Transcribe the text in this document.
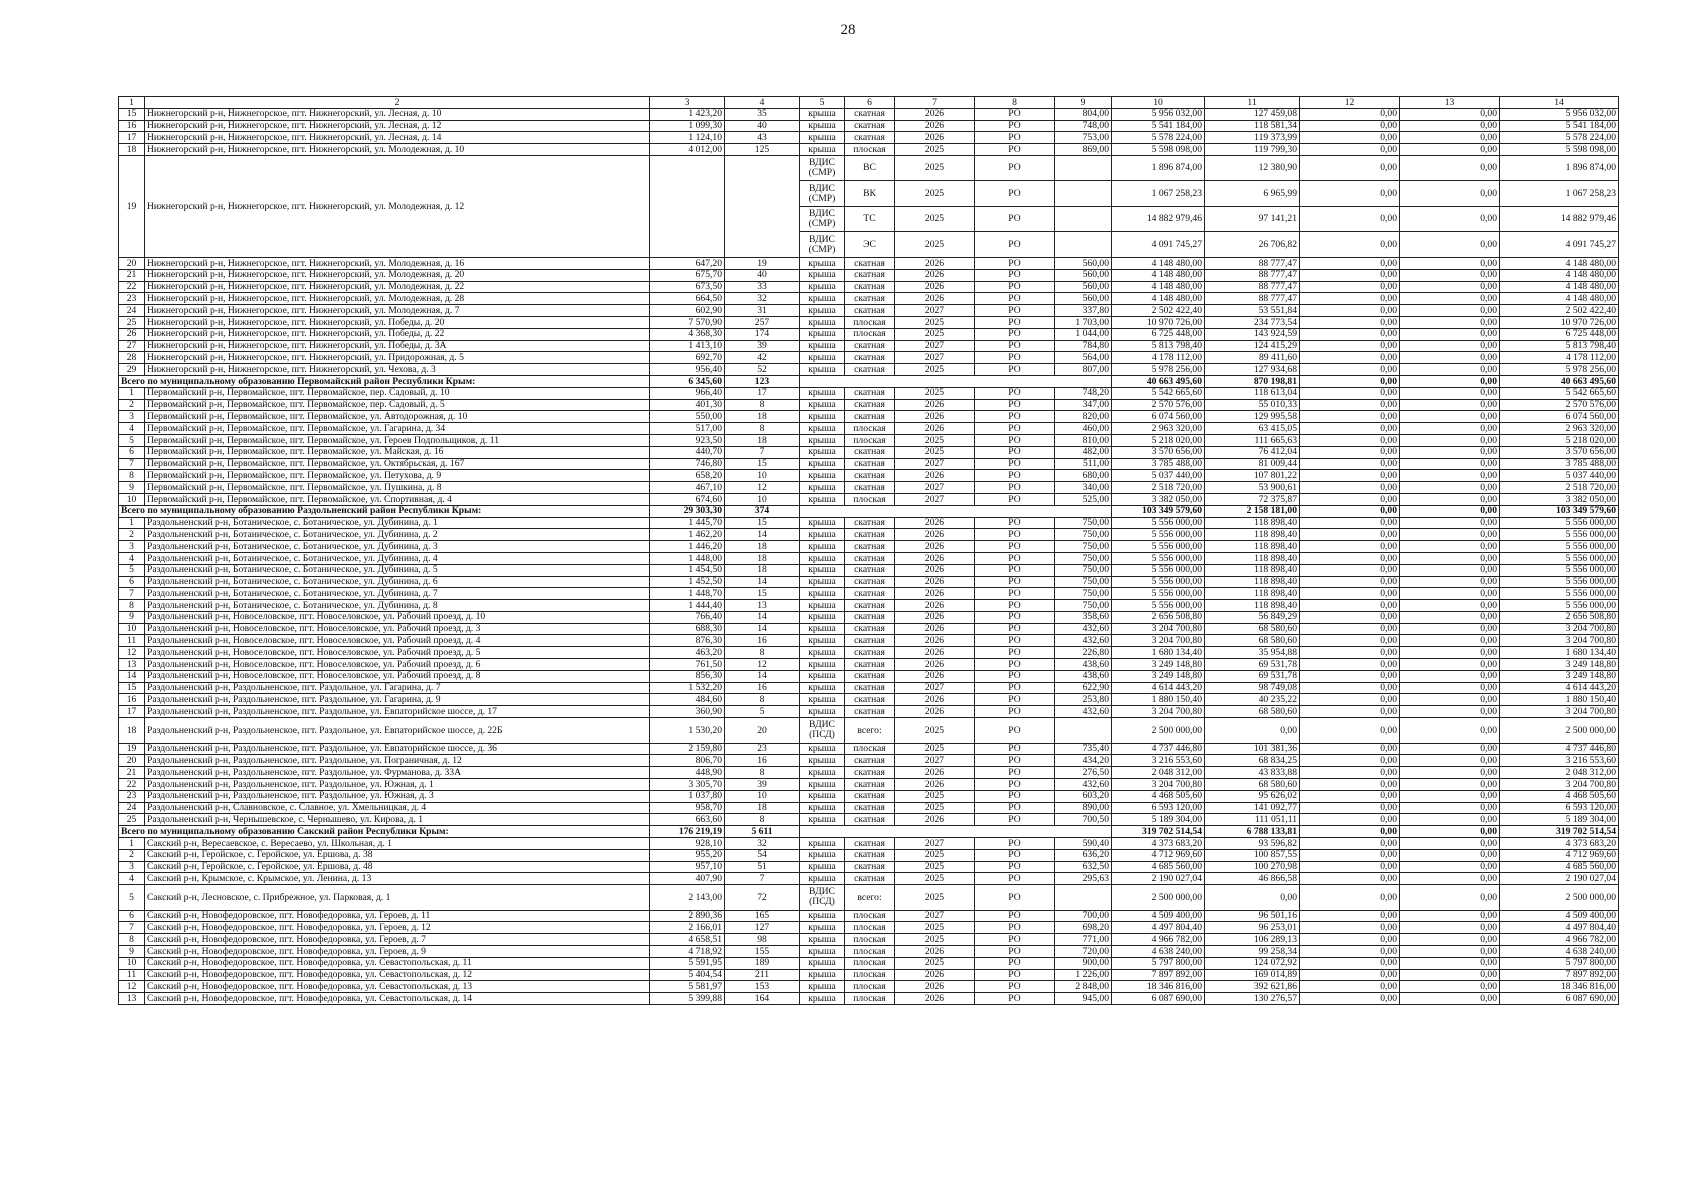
28
1	2	3	4	5	6	7	8	9	10	11	12	13	14
15	Нижнегорский р-н, Нижнегорское, пгт. Нижнегорский, ул. Лесная, д. 10	1 423,20	35	крыша	скатная	2026	РО	804,00	5 956 032,00	127 459,08	0,00	0,00	5 956 032,00
16	Нижнегорский р-н, Нижнегорское, пгт. Нижнегорский, ул. Лесная, д. 12	1 099,30	40	крыша	скатная	2026	РО	748,00	5 541 184,00	118 581,34	0,00	0,00	5 541 184,00
17	Нижнегорский р-н, Нижнегорское, пгт. Нижнегорский, ул. Лесная, д. 14	1 124,10	43	крыша	скатная	2026	РО	753,00	5 578 224,00	119 373,99	0,00	0,00	5 578 224,00
18	Нижнегорский р-н, Нижнегорское, пгт. Нижнегорский, ул. Молодежная, д. 10	4 012,00	125	крыша	плоская	2025	РО	869,00	5 598 098,00	119 799,30	0,00	0,00	5 598 098,00
19	Нижнегорский р-н, Нижнегорское, пгт. Нижнегорский, ул. Молодежная, д. 12			ВДИС (СМР)	ВС	2025	РО		1 896 874,00	12 380,90	0,00	0,00	1 896 874,00
				ВДИС (СМР)	ВК	2025	РО		1 067 258,23	6 965,99	0,00	0,00	1 067 258,23
				ВДИС (СМР)	ТС	2025	РО		14 882 979,46	97 141,21	0,00	0,00	14 882 979,46
				ВДИС (СМР)	ЭС	2025	РО		4 091 745,27	26 706,82	0,00	0,00	4 091 745,27
20	Нижнегорский р-н, Нижнегорское, пгт. Нижнегорский, ул. Молодежная, д. 16	647,20	19	крыша	скатная	2026	РО	560,00	4 148 480,00	88 777,47	0,00	0,00	4 148 480,00
21	Нижнегорский р-н, Нижнегорское, пгт. Нижнегорский, ул. Молодежная, д. 20	675,70	40	крыша	скатная	2026	РО	560,00	4 148 480,00	88 777,47	0,00	0,00	4 148 480,00
22	Нижнегорский р-н, Нижнегорское, пгт. Нижнегорский, ул. Молодежная, д. 22	673,50	33	крыша	скатная	2026	РО	560,00	4 148 480,00	88 777,47	0,00	0,00	4 148 480,00
23	Нижнегорский р-н, Нижнегорское, пгт. Нижнегорский, ул. Молодежная, д. 28	664,50	32	крыша	скатная	2026	РО	560,00	4 148 480,00	88 777,47	0,00	0,00	4 148 480,00
24	Нижнегорский р-н, Нижнегорское, пгт. Нижнегорский, ул. Молодежная, д. 7	602,90	31	крыша	скатная	2027	РО	337,80	2 502 422,40	53 551,84	0,00	0,00	2 502 422,40
25	Нижнегорский р-н, Нижнегорское, пгт. Нижнегорский, ул. Победы, д. 20	7 570,90	257	крыша	плоская	2025	РО	1 703,00	10 970 726,00	234 773,54	0,00	0,00	10 970 726,00
26	Нижнегорский р-н, Нижнегорское, пгт. Нижнегорский, ул. Победы, д. 22	4 368,30	174	крыша	плоская	2025	РО	1 044,00	6 725 448,00	143 924,59	0,00	0,00	6 725 448,00
27	Нижнегорский р-н, Нижнегорское, пгт. Нижнегорский, ул. Победы, д. 3А	1 413,10	39	крыша	скатная	2027	РО	784,80	5 813 798,40	124 415,29	0,00	0,00	5 813 798,40
28	Нижнегорский р-н, Нижнегорское, пгт. Нижнегорский, ул. Придорожная, д. 5	692,70	42	крыша	скатная	2027	РО	564,00	4 178 112,00	89 411,60	0,00	0,00	4 178 112,00
29	Нижнегорский р-н, Нижнегорское, пгт. Нижнегорский, ул. Чехова, д. 3	956,40	52	крыша	скатная	2025	РО	807,00	5 978 256,00	127 934,68	0,00	0,00	5 978 256,00
Всего по муниципальному образованию Первомайский район Республики Крым:		6 345,60	123						40 663 495,60	870 198,81	0,00	0,00	40 663 495,60
1	Первомайский р-н, Первомайское, пгт. Первомайское, пер. Садовый, д. 10	966,40	17	крыша	скатная	2025	РО	748,20	5 542 665,60	118 613,04	0,00	0,00	5 542 665,60
2	Первомайский р-н, Первомайское, пгт. Первомайское, пер. Садовый, д. 5	401,30	8	крыша	скатная	2026	РО	347,00	2 570 576,00	55 010,33	0,00	0,00	2 570 576,00
3	Первомайский р-н, Первомайское, пгт. Первомайское, ул. Автодорожная, д. 10	550,00	18	крыша	скатная	2026	РО	820,00	6 074 560,00	129 995,58	0,00	0,00	6 074 560,00
4	Первомайский р-н, Первомайское, пгт. Первомайское, ул. Гагарина, д. 34	517,00	8	крыша	плоская	2026	РО	460,00	2 963 320,00	63 415,05	0,00	0,00	2 963 320,00
5	Первомайский р-н, Первомайское, пгт. Первомайское, ул. Героев Подпольщиков, д. 11	923,50	18	крыша	плоская	2025	РО	810,00	5 218 020,00	111 665,63	0,00	0,00	5 218 020,00
6	Первомайский р-н, Первомайское, пгт. Первомайское, ул. Майская, д. 16	440,70	7	крыша	скатная	2025	РО	482,00	3 570 656,00	76 412,04	0,00	0,00	3 570 656,00
7	Первомайский р-н, Первомайское, пгт. Первомайское, ул. Октябрьская, д. 167	746,80	15	крыша	скатная	2027	РО	511,00	3 785 488,00	81 009,44	0,00	0,00	3 785 488,00
8	Первомайский р-н, Первомайское, пгт. Первомайское, ул. Петухова, д. 9	658,20	10	крыша	скатная	2026	РО	680,00	5 037 440,00	107 801,22	0,00	0,00	5 037 440,00
9	Первомайский р-н, Первомайское, пгт. Первомайское, ул. Пушкина, д. 8	467,10	12	крыша	скатная	2027	РО	340,00	2 518 720,00	53 900,61	0,00	0,00	2 518 720,00
10	Первомайский р-н, Первомайское, пгт. Первомайское, ул. Спортивная, д. 4	674,60	10	крыша	плоская	2027	РО	525,00	3 382 050,00	72 375,87	0,00	0,00	3 382 050,00
Всего по муниципальному образованию Раздольненский район Республики Крым:		29 303,30	374						103 349 579,60	2 158 181,00	0,00	0,00	103 349 579,60
1	Раздольненский р-н, Ботаническое, с. Ботаническое, ул. Дубинина, д. 1	1 445,70	15	крыша	скатная	2026	РО	750,00	5 556 000,00	118 898,40	0,00	0,00	5 556 000,00
2	Раздольненский р-н, Ботаническое, с. Ботаническое, ул. Дубинина, д. 2	1 462,20	14	крыша	скатная	2026	РО	750,00	5 556 000,00	118 898,40	0,00	0,00	5 556 000,00
3	Раздольненский р-н, Ботаническое, с. Ботаническое, ул. Дубинина, д. 3	1 446,20	18	крыша	скатная	2026	РО	750,00	5 556 000,00	118 898,40	0,00	0,00	5 556 000,00
4	Раздольненский р-н, Ботаническое, с. Ботаническое, ул. Дубинина, д. 4	1 448,00	18	крыша	скатная	2026	РО	750,00	5 556 000,00	118 898,40	0,00	0,00	5 556 000,00
5	Раздольненский р-н, Ботаническое, с. Ботаническое, ул. Дубинина, д. 5	1 454,50	18	крыша	скатная	2026	РО	750,00	5 556 000,00	118 898,40	0,00	0,00	5 556 000,00
6	Раздольненский р-н, Ботаническое, с. Ботаническое, ул. Дубинина, д. 6	1 452,50	14	крыша	скатная	2026	РО	750,00	5 556 000,00	118 898,40	0,00	0,00	5 556 000,00
7	Раздольненский р-н, Ботаническое, с. Ботаническое, ул. Дубинина, д. 7	1 448,70	15	крыша	скатная	2026	РО	750,00	5 556 000,00	118 898,40	0,00	0,00	5 556 000,00
8	Раздольненский р-н, Ботаническое, с. Ботаническое, ул. Дубинина, д. 8	1 444,40	13	крыша	скатная	2026	РО	750,00	5 556 000,00	118 898,40	0,00	0,00	5 556 000,00
9	Раздольненский р-н, Новоселовское, пгт. Новоселовское, ул. Рабочий проезд, д. 10	766,40	14	крыша	скатная	2026	РО	358,60	2 656 508,80	56 849,29	0,00	0,00	2 656 508,80
10	Раздольненский р-н, Новоселовское, пгт. Новоселовское, ул. Рабочий проезд, д. 3	688,30	14	крыша	скатная	2026	РО	432,60	3 204 700,80	68 580,60	0,00	0,00	3 204 700,80
11	Раздольненский р-н, Новоселовское, пгт. Новоселовское, ул. Рабочий проезд, д. 4	876,30	16	крыша	скатная	2026	РО	432,60	3 204 700,80	68 580,60	0,00	0,00	3 204 700,80
12	Раздольненский р-н, Новоселовское, пгт. Новоселовское, ул. Рабочий проезд, д. 5	463,20	8	крыша	скатная	2026	РО	226,80	1 680 134,40	35 954,88	0,00	0,00	1 680 134,40
13	Раздольненский р-н, Новоселовское, пгт. Новоселовское, ул. Рабочий проезд, д. 6	761,50	12	крыша	скатная	2026	РО	438,60	3 249 148,80	69 531,78	0,00	0,00	3 249 148,80
14	Раздольненский р-н, Новоселовское, пгт. Новоселовское, ул. Рабочий проезд, д. 8	856,30	14	крыша	скатная	2026	РО	438,60	3 249 148,80	69 531,78	0,00	0,00	3 249 148,80
15	Раздольненский р-н, Раздольненское, пгт. Раздольное, ул. Гагарина, д. 7	1 532,20	16	крыша	скатная	2027	РО	622,90	4 614 443,20	98 749,08	0,00	0,00	4 614 443,20
16	Раздольненский р-н, Раздольненское, пгт. Раздольное, ул. Гагарина, д. 9	484,60	8	крыша	скатная	2026	РО	253,80	1 880 150,40	40 235,22	0,00	0,00	1 880 150,40
17	Раздольненский р-н, Раздольненское, пгт. Раздольное, ул. Евпаторийское шоссе, д. 17	360,90	5	крыша	скатная	2026	РО	432,60	3 204 700,80	68 580,60	0,00	0,00	3 204 700,80
18	Раздольненский р-н, Раздольненское, пгт. Раздольное, ул. Евпаторийское шоссе, д. 22Б	1 530,20	20	ВДИС (ПСД)	всего:	2025	РО		2 500 000,00	0,00	0,00	0,00	2 500 000,00
19	Раздольненский р-н, Раздольненское, пгт. Раздольное, ул. Евпаторийское шоссе, д. 36	2 159,80	23	крыша	плоская	2025	РО	735,40	4 737 446,80	101 381,36	0,00	0,00	4 737 446,80
20	Раздольненский р-н, Раздольненское, пгт. Раздольное, ул. Пограничная, д. 12	806,70	16	крыша	скатная	2027	РО	434,20	3 216 553,60	68 834,25	0,00	0,00	3 216 553,60
21	Раздольненский р-н, Раздольненское, пгт. Раздольное, ул. Фурманова, д. 33А	448,90	8	крыша	скатная	2026	РО	276,50	2 048 312,00	43 833,88	0,00	0,00	2 048 312,00
22	Раздольненский р-н, Раздольненское, пгт. Раздольное, ул. Южная, д. 1	3 305,70	39	крыша	скатная	2026	РО	432,60	3 204 700,80	68 580,60	0,00	0,00	3 204 700,80
23	Раздольненский р-н, Раздольненское, пгт. Раздольное, ул. Южная, д. 3	1 037,80	10	крыша	скатная	2025	РО	603,20	4 468 505,60	95 626,02	0,00	0,00	4 468 505,60
24	Раздольненский р-н, Славновское, с. Славное, ул. Хмельницкая, д. 4	958,70	18	крыша	скатная	2025	РО	890,00	6 593 120,00	141 092,77	0,00	0,00	6 593 120,00
25	Раздольненский р-н, Чернышевское, с. Чернышево, ул. Кирова, д. 1	663,60	8	крыша	скатная	2026	РО	700,50	5 189 304,00	111 051,11	0,00	0,00	5 189 304,00
Всего по муниципальному образованию Сакский район Республики Крым:		176 219,19	5 611						319 702 514,54	6 788 133,81	0,00	0,00	319 702 514,54
1	Сакский р-н, Вересаевское, с. Вересаево, ул. Школьная, д. 1	928,10	32	крыша	скатная	2027	РО	590,40	4 373 683,20	93 596,82	0,00	0,00	4 373 683,20
2	Сакский р-н, Геройское, с. Геройское, ул. Ершова, д. 38	955,20	54	крыша	скатная	2025	РО	636,20	4 712 969,60	100 857,55	0,00	0,00	4 712 969,60
3	Сакский р-н, Геройское, с. Геройское, ул. Ершова, д. 48	957,10	51	крыша	скатная	2025	РО	632,50	4 685 560,00	100 270,98	0,00	0,00	4 685 560,00
4	Сакский р-н, Крымское, с. Крымское, ул. Ленина, д. 13	407,90	7	крыша	скатная	2025	РО	295,63	2 190 027,04	46 866,58	0,00	0,00	2 190 027,04
5	Сакский р-н, Лесновское, с. Прибрежное, ул. Парковая, д. 1	2 143,00	72	ВДИС (ПСД)	всего:	2025	РО		2 500 000,00	0,00	0,00	0,00	2 500 000,00
6	Сакский р-н, Новофедоровское, пгт. Новофедоровка, ул. Героев, д. 11	2 890,36	165	крыша	плоская	2027	РО	700,00	4 509 400,00	96 501,16	0,00	0,00	4 509 400,00
7	Сакский р-н, Новофедоровское, пгт. Новофедоровка, ул. Героев, д. 12	2 166,01	127	крыша	плоская	2025	РО	698,20	4 497 804,40	96 253,01	0,00	0,00	4 497 804,40
8	Сакский р-н, Новофедоровское, пгт. Новофедоровка, ул. Героев, д. 7	4 658,51	98	крыша	плоская	2025	РО	771,00	4 966 782,00	106 289,13	0,00	0,00	4 966 782,00
9	Сакский р-н, Новофедоровское, пгт. Новофедоровка, ул. Героев, д. 9	4 718,92	155	крыша	плоская	2026	РО	720,00	4 638 240,00	99 258,34	0,00	0,00	4 638 240,00
10	Сакский р-н, Новофедоровское, пгт. Новофедоровка, ул. Севастопольская, д. 11	5 591,95	189	крыша	плоская	2025	РО	900,00	5 797 800,00	124 072,92	0,00	0,00	5 797 800,00
11	Сакский р-н, Новофедоровское, пгт. Новофедоровка, ул. Севастопольская, д. 12	5 404,54	211	крыша	плоская	2026	РО	1 226,00	7 897 892,00	169 014,89	0,00	0,00	7 897 892,00
12	Сакский р-н, Новофедоровское, пгт. Новофедоровка, ул. Севастопольская, д. 13	5 581,97	153	крыша	плоская	2026	РО	2 848,00	18 346 816,00	392 621,86	0,00	0,00	18 346 816,00
13	Сакский р-н, Новофедоровское, пгт. Новофедоровка, ул. Севастопольская, д. 14	5 399,88	164	крыша	плоская	2026	РО	945,00	6 087 690,00	130 276,57	0,00	0,00	6 087 690,00
